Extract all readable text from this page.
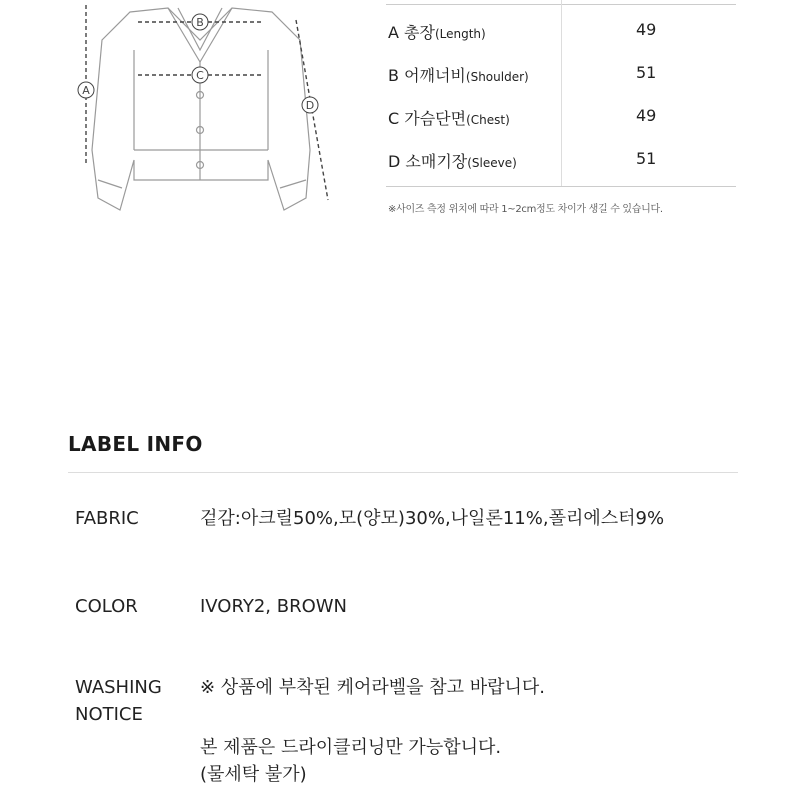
B
C
A
D
A 총장(Length)	49
B 어깨너비(Shoulder)	51
C 가슴단면(Chest)	49
D 소매기장(Sleeve)	51
※사이즈 측정 위치에 따라 1~2cm정도 차이가 생길 수 있습니다.
LABEL INFO
FABRIC	겉감:아크릴50%,모(양모)30%,나일론11%,폴리에스터9%
COLOR	IVORY2, BROWN
WASHING
NOTICE
※ 상품에 부착된 케어라벨을 참고 바랍니다.
본 제품은 드라이클리닝만 가능합니다.
(물세탁 불가)
